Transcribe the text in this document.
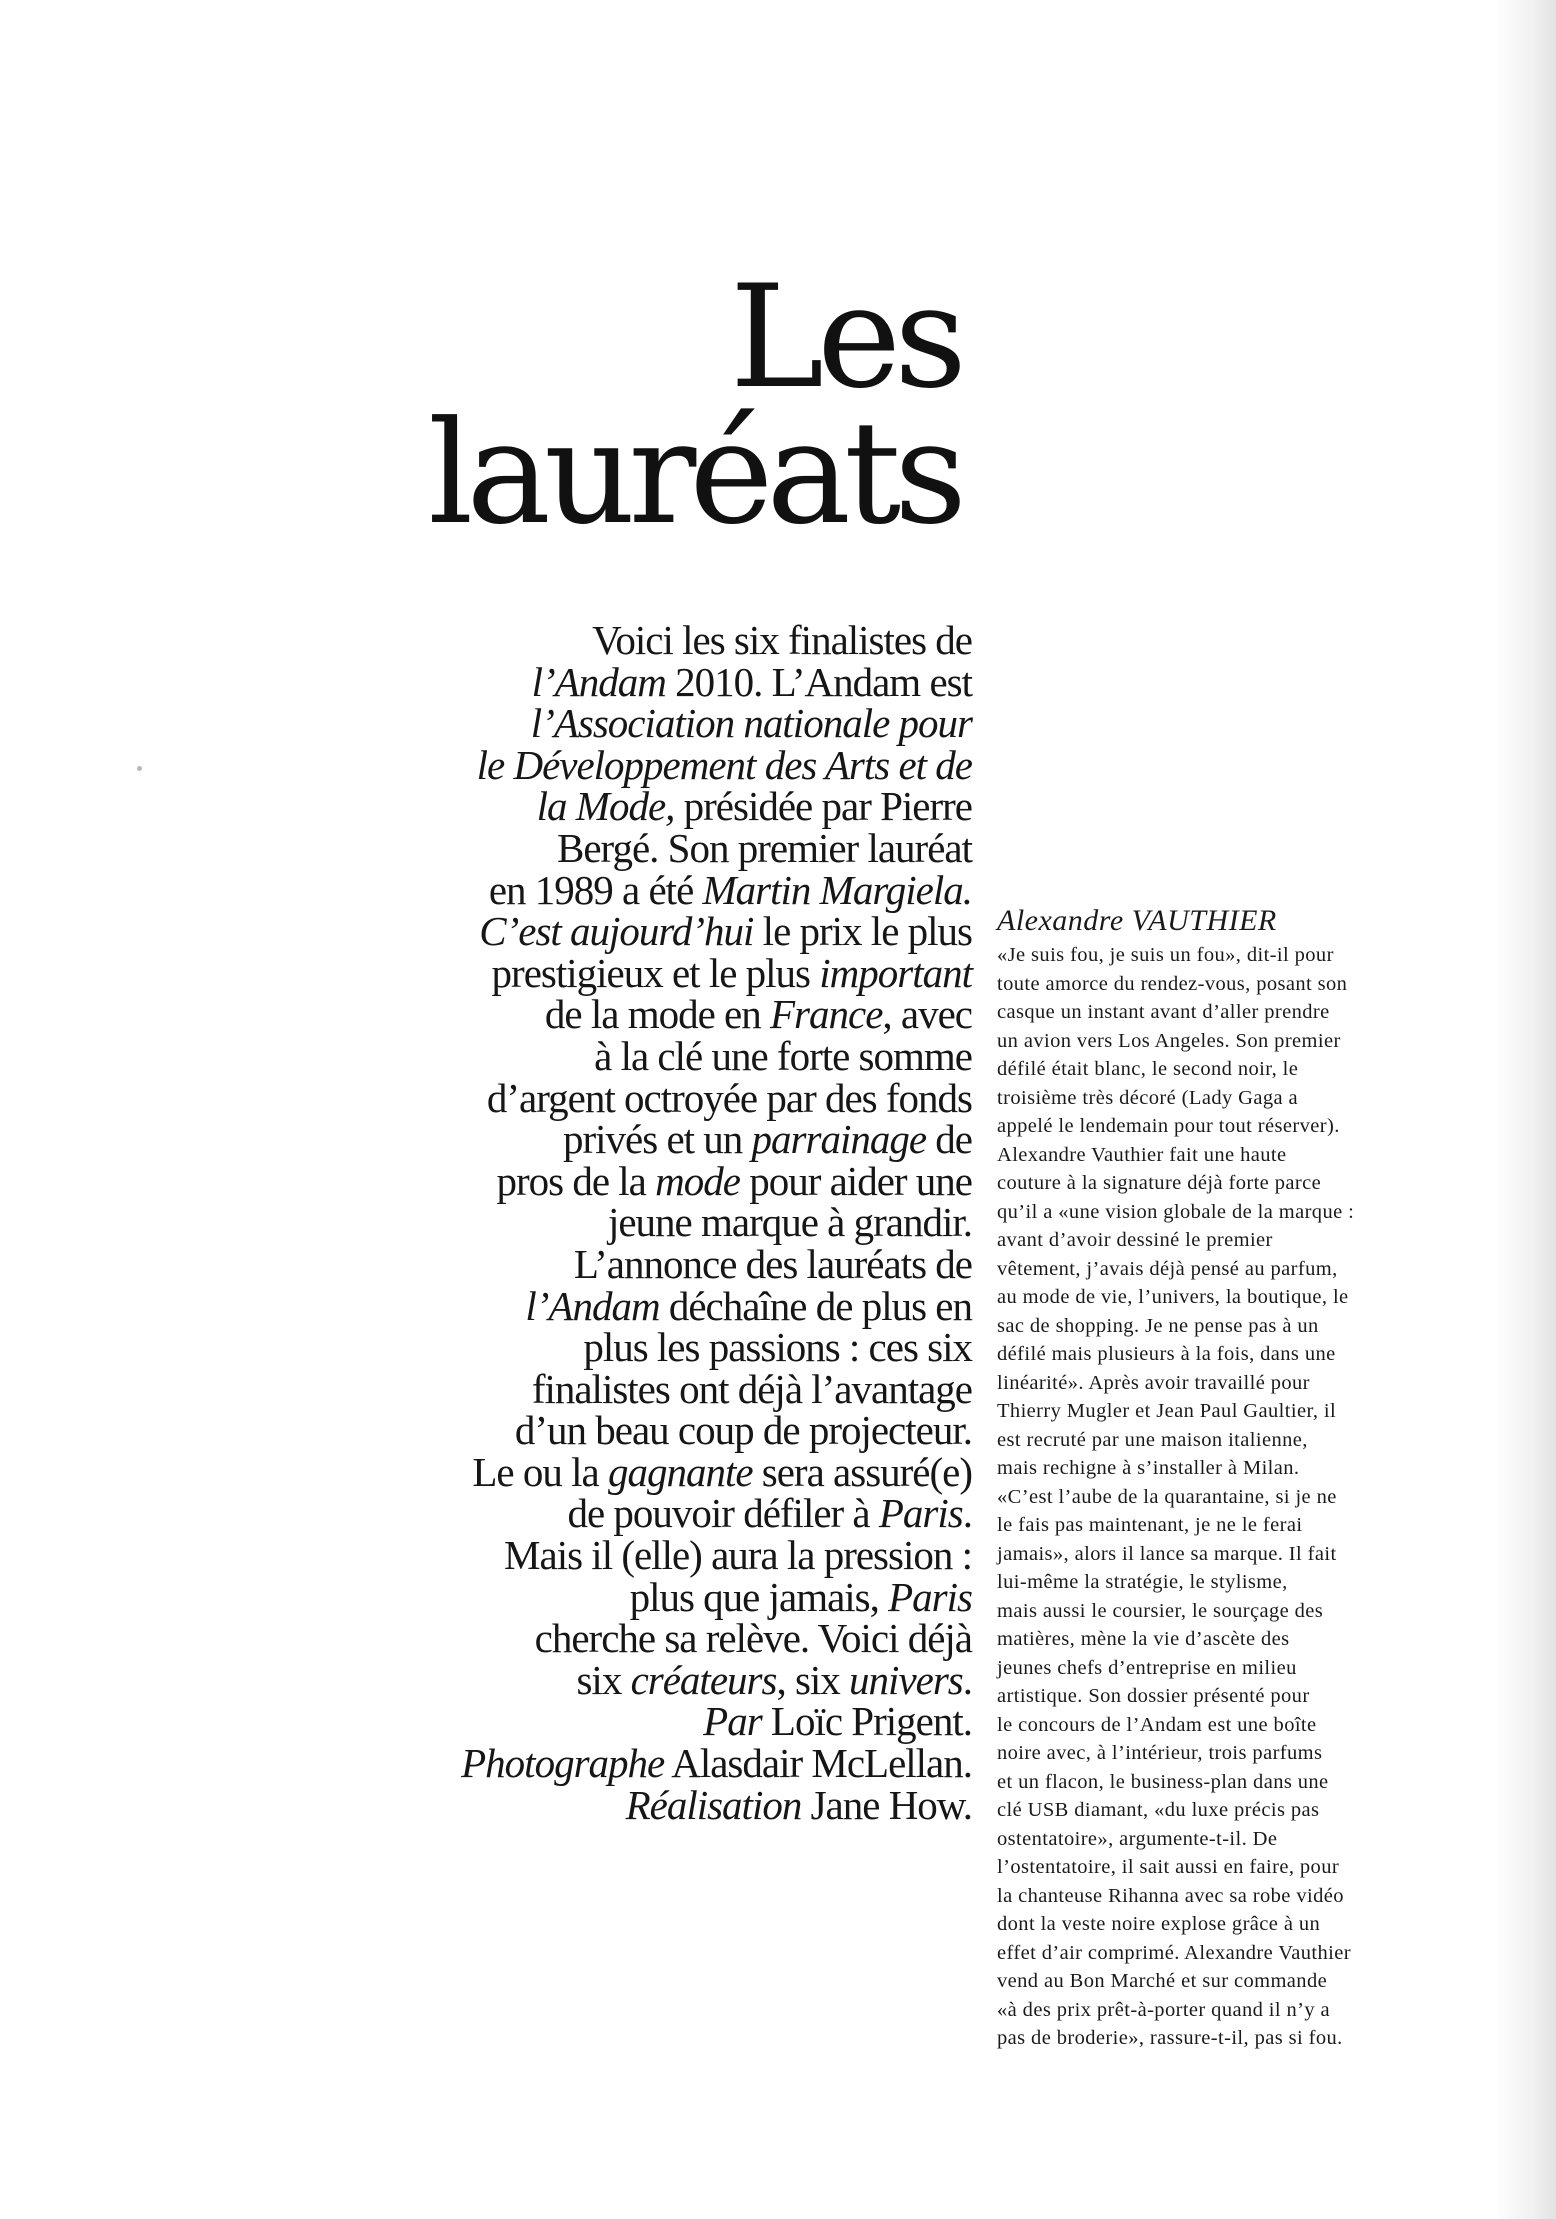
Les
lauréats
Voici les six finalistes de
l’Andam 2010. L’Andam est
l’Association nationale pour
le Développement des Arts et de
la Mode, présidée par Pierre
Bergé. Son premier lauréat
en 1989 a été Martin Margiela.
C’est aujourd’hui le prix le plus
prestigieux et le plus important
de la mode en France, avec
à la clé une forte somme
d’argent octroyée par des fonds
privés et un parrainage de
pros de la mode pour aider une
jeune marque à grandir.
L’annonce des lauréats de
l’Andam déchaîne de plus en
plus les passions : ces six
finalistes ont déjà l’avantage
d’un beau coup de projecteur.
Le ou la gagnante sera assuré(e)
de pouvoir défiler à Paris.
Mais il (elle) aura la pression :
plus que jamais, Paris
cherche sa relève. Voici déjà
six créateurs, six univers.
Par Loïc Prigent.
Photographe Alasdair McLellan.
Réalisation Jane How.
Alexandre VAUTHIER
«Je suis fou, je suis un fou», dit-il pour
toute amorce du rendez-vous, posant son
casque un instant avant d’aller prendre
un avion vers Los Angeles. Son premier
défilé était blanc, le second noir, le
troisième très décoré (Lady Gaga a
appelé le lendemain pour tout réserver).
Alexandre Vauthier fait une haute
couture à la signature déjà forte parce
qu’il a «une vision globale de la marque :
avant d’avoir dessiné le premier
vêtement, j’avais déjà pensé au parfum,
au mode de vie, l’univers, la boutique, le
sac de shopping. Je ne pense pas à un
défilé mais plusieurs à la fois, dans une
linéarité». Après avoir travaillé pour
Thierry Mugler et Jean Paul Gaultier, il
est recruté par une maison italienne,
mais rechigne à s’installer à Milan.
«C’est l’aube de la quarantaine, si je ne
le fais pas maintenant, je ne le ferai
jamais», alors il lance sa marque. Il fait
lui-même la stratégie, le stylisme,
mais aussi le coursier, le sourçage des
matières, mène la vie d’ascète des
jeunes chefs d’entreprise en milieu
artistique. Son dossier présenté pour
le concours de l’Andam est une boîte
noire avec, à l’intérieur, trois parfums
et un flacon, le business-plan dans une
clé USB diamant, «du luxe précis pas
ostentatoire», argumente-t-il. De
l’ostentatoire, il sait aussi en faire, pour
la chanteuse Rihanna avec sa robe vidéo
dont la veste noire explose grâce à un
effet d’air comprimé. Alexandre Vauthier
vend au Bon Marché et sur commande
«à des prix prêt-à-porter quand il n’y a
pas de broderie», rassure-t-il, pas si fou.
